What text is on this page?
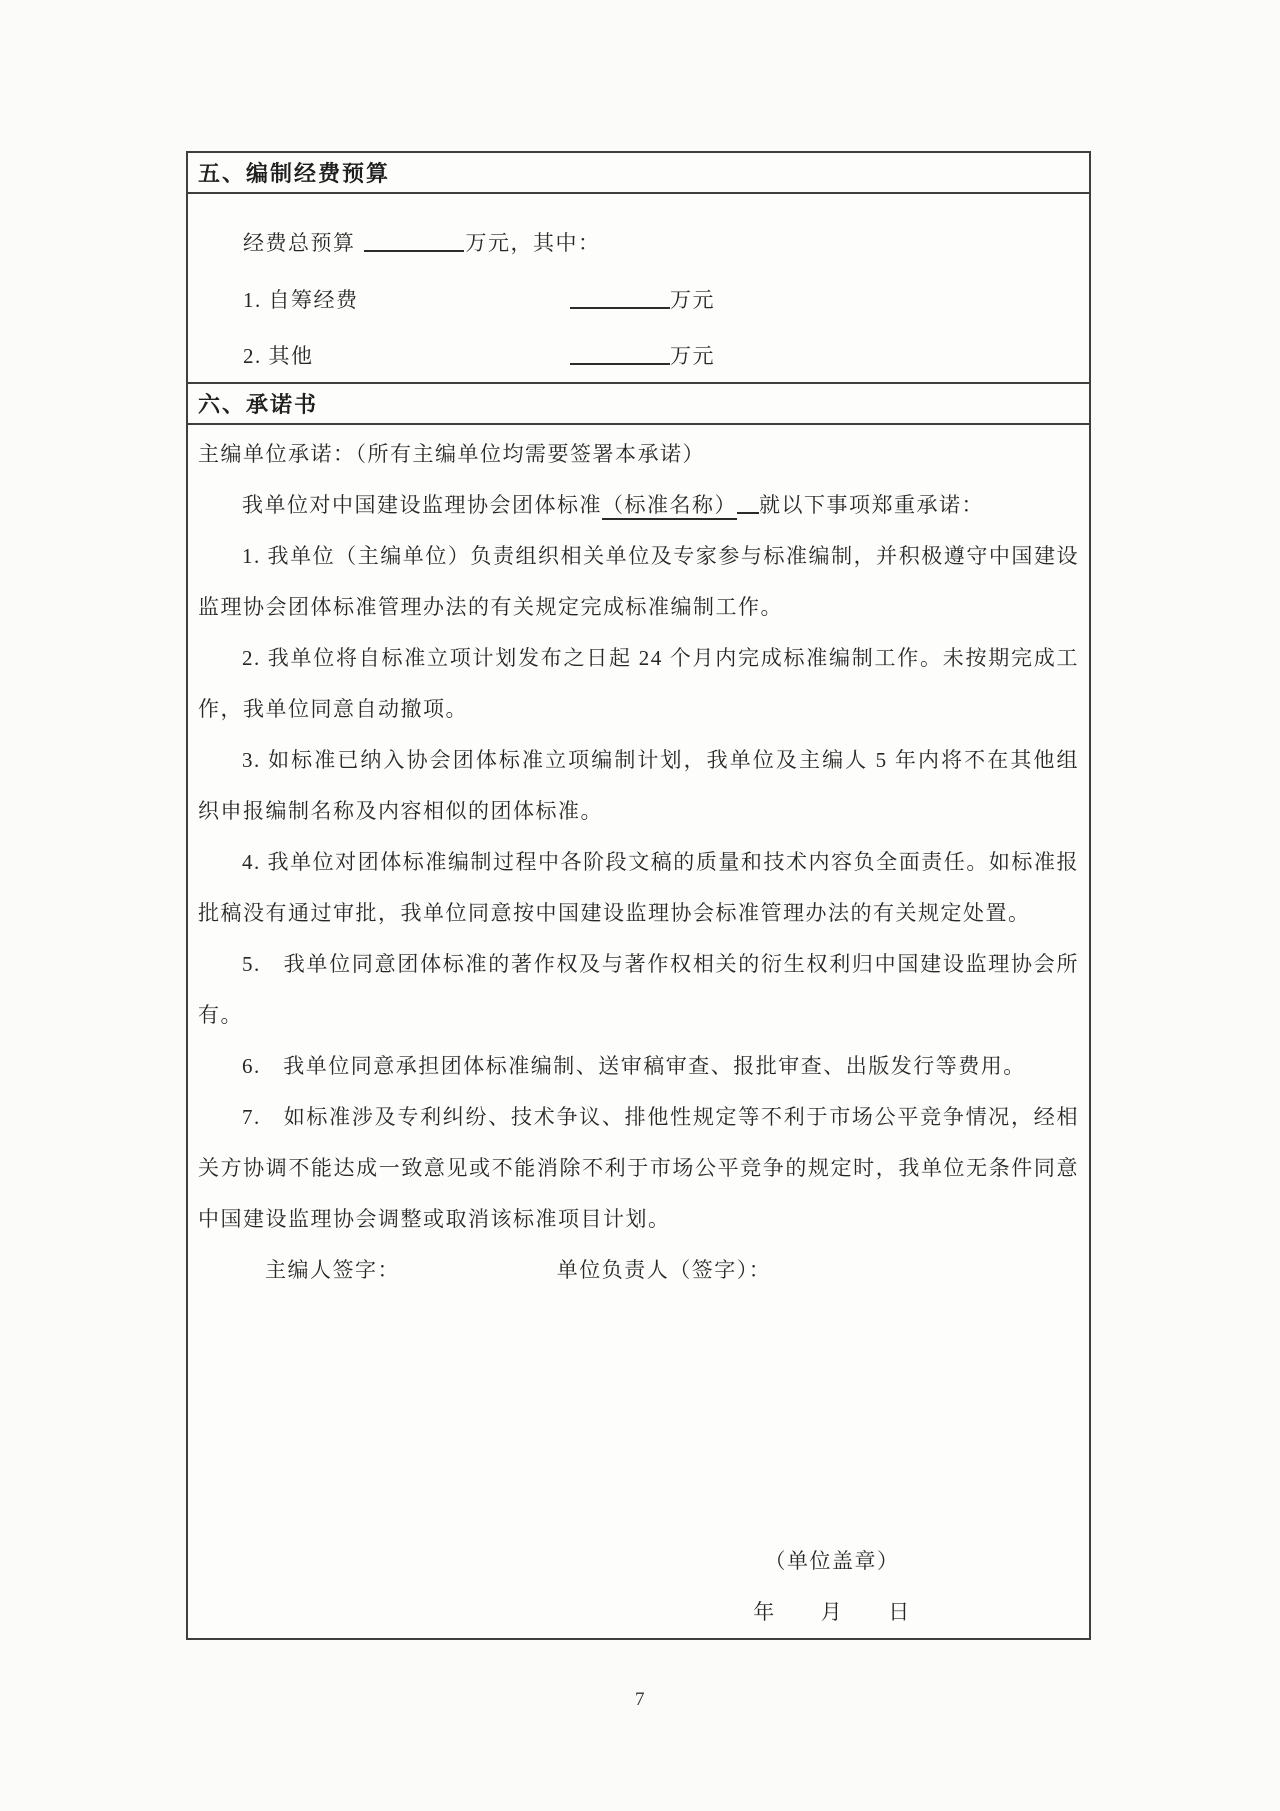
五、编制经费预算
经费总预算	万元，其中：
1. 自筹经费	万元
2. 其他	万元
六、承诺书

主编单位承诺：（所有主编单位均需要签署本承诺）

我单位对中国建设监理协会团体标准（标准名称） 就以下事项郑重承诺：

1. 我单位（主编单位）负责组织相关单位及专家参与标准编制，并积极遵守中国建设监理协会团体标准管理办法的有关规定完成标准编制工作。

2. 我单位将自标准立项计划发布之日起 24 个月内完成标准编制工作。未按期完成工作，我单位同意自动撤项。

3. 如标准已纳入协会团体标准立项编制计划，我单位及主编人 5 年内将不在其他组织申报编制名称及内容相似的团体标准。

4. 我单位对团体标准编制过程中各阶段文稿的质量和技术内容负全面责任。如标准报批稿没有通过审批，我单位同意按中国建设监理协会标准管理办法的有关规定处置。

5.　我单位同意团体标准的著作权及与著作权相关的衍生权利归中国建设监理协会所有。

6.　我单位同意承担团体标准编制、送审稿审查、报批审查、出版发行等费用。

7.　如标准涉及专利纠纷、技术争议、排他性规定等不利于市场公平竞争情况，经相关方协调不能达成一致意见或不能消除不利于市场公平竞争的规定时，我单位无条件同意中国建设监理协会调整或取消该标准项目计划。

主编人签字：	单位负责人（签字）：
（单位盖章）
年　　月　　日
7
